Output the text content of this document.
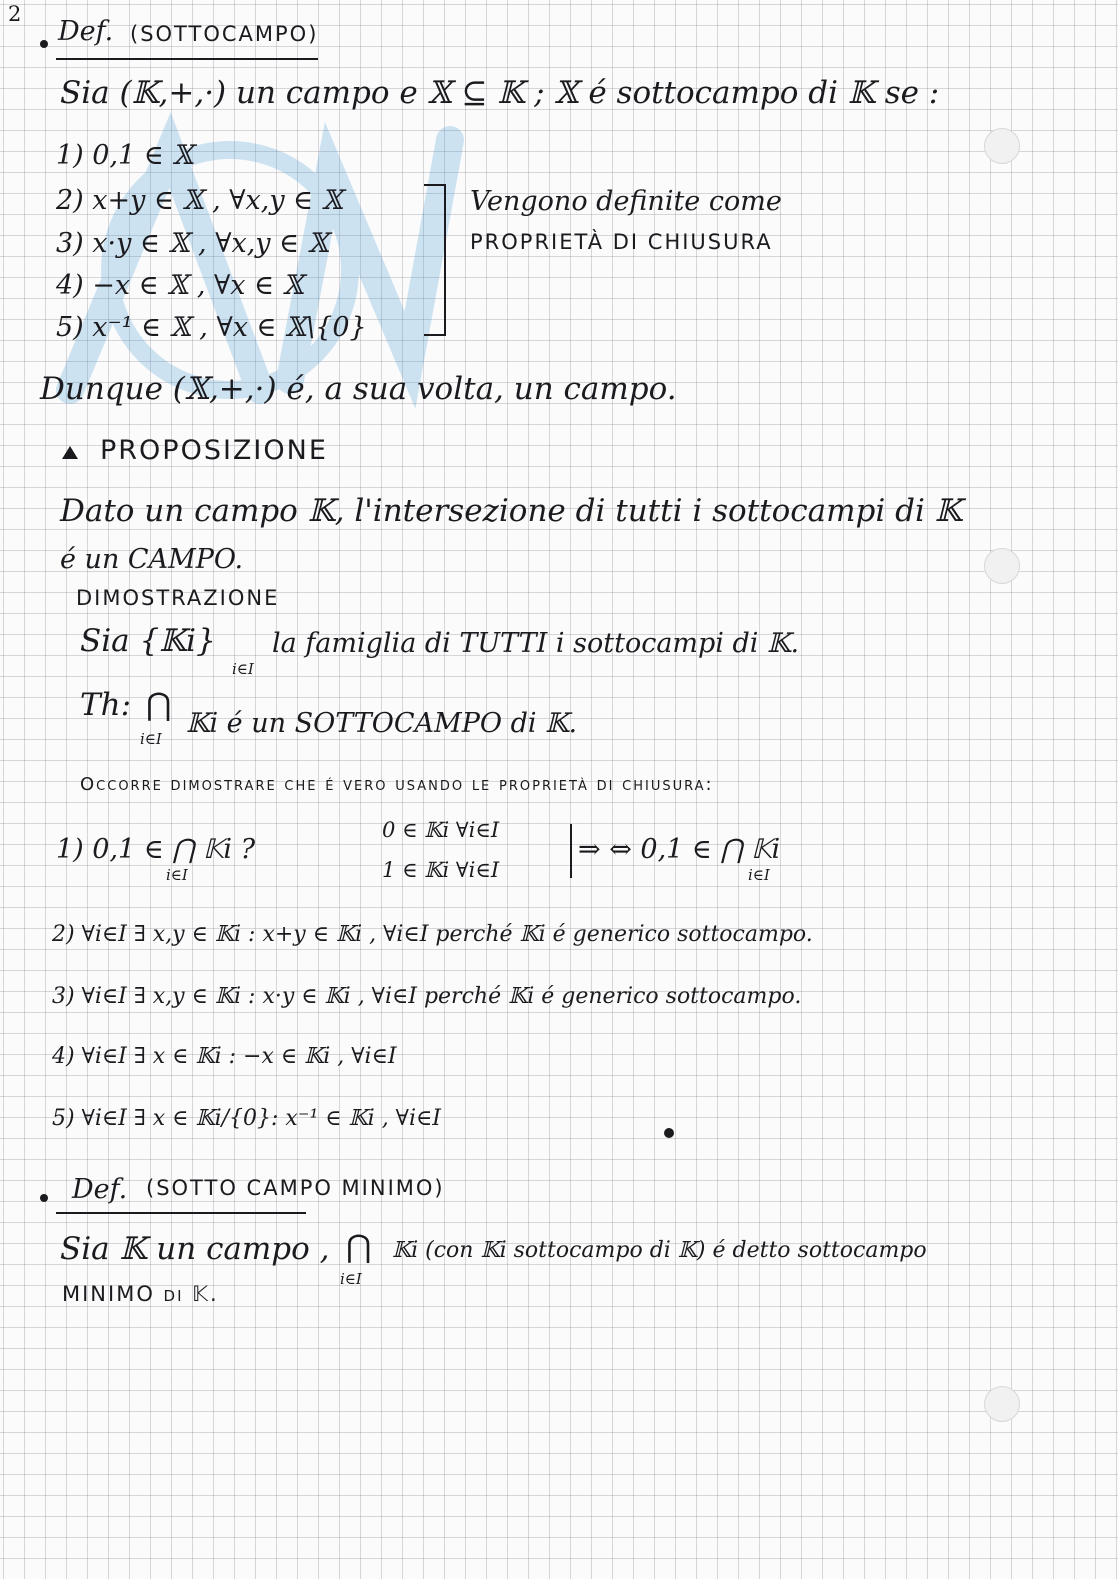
2
Def. (SOTTOCAMPO)
Sia (𝕂,+,·) un campo e 𝕏 ⊆ 𝕂 ; 𝕏 é sottocampo di 𝕂 se :
1) 0,1 ∈ 𝕏
2) x+y ∈ 𝕏 , ∀x,y ∈ 𝕏
3) x·y ∈ 𝕏 , ∀x,y ∈ 𝕏
4) −x ∈ 𝕏 , ∀x ∈ 𝕏
5) x⁻¹ ∈ 𝕏 , ∀x ∈ 𝕏\{0}
Vengono definite come
PROPRIETÀ DI CHIUSURA
Dunque (𝕏,+,·) é, a sua volta, un campo.
PROPOSIZIONE
Dato un campo 𝕂, l'intersezione di tutti i sottocampi di 𝕂
é un CAMPO.
DIMOSTRAZIONE
Sia {𝕂i}
i∈I
la famiglia di TUTTI i sottocampi di 𝕂.
Th: ⋂
i∈I 𝕂i é un SOTTOCAMPO di 𝕂.
Occorre dimostrare che é vero usando le proprietà di chiusura:
1) 0,1 ∈ ⋂ 𝕂i ?
i∈I
0 ∈ 𝕂i ∀i∈I
1 ∈ 𝕂i ∀i∈I
⇒ ⇔ 0,1 ∈ ⋂ 𝕂i
i∈I
2) ∀i∈I ∃ x,y ∈ 𝕂i : x+y ∈ 𝕂i , ∀i∈I perché 𝕂i é generico sottocampo.
3) ∀i∈I ∃ x,y ∈ 𝕂i : x·y ∈ 𝕂i , ∀i∈I perché 𝕂i é generico sottocampo.
4) ∀i∈I ∃ x ∈ 𝕂i : −x ∈ 𝕂i , ∀i∈I
5) ∀i∈I ∃ x ∈ 𝕂i/{0}: x⁻¹ ∈ 𝕂i , ∀i∈I
Def. (SOTTO CAMPO MINIMO)
Sia 𝕂 un campo , ⋂
i∈I
𝕂i (con 𝕂i sottocampo di 𝕂) é detto sottocampo
MINIMO di 𝕂.
